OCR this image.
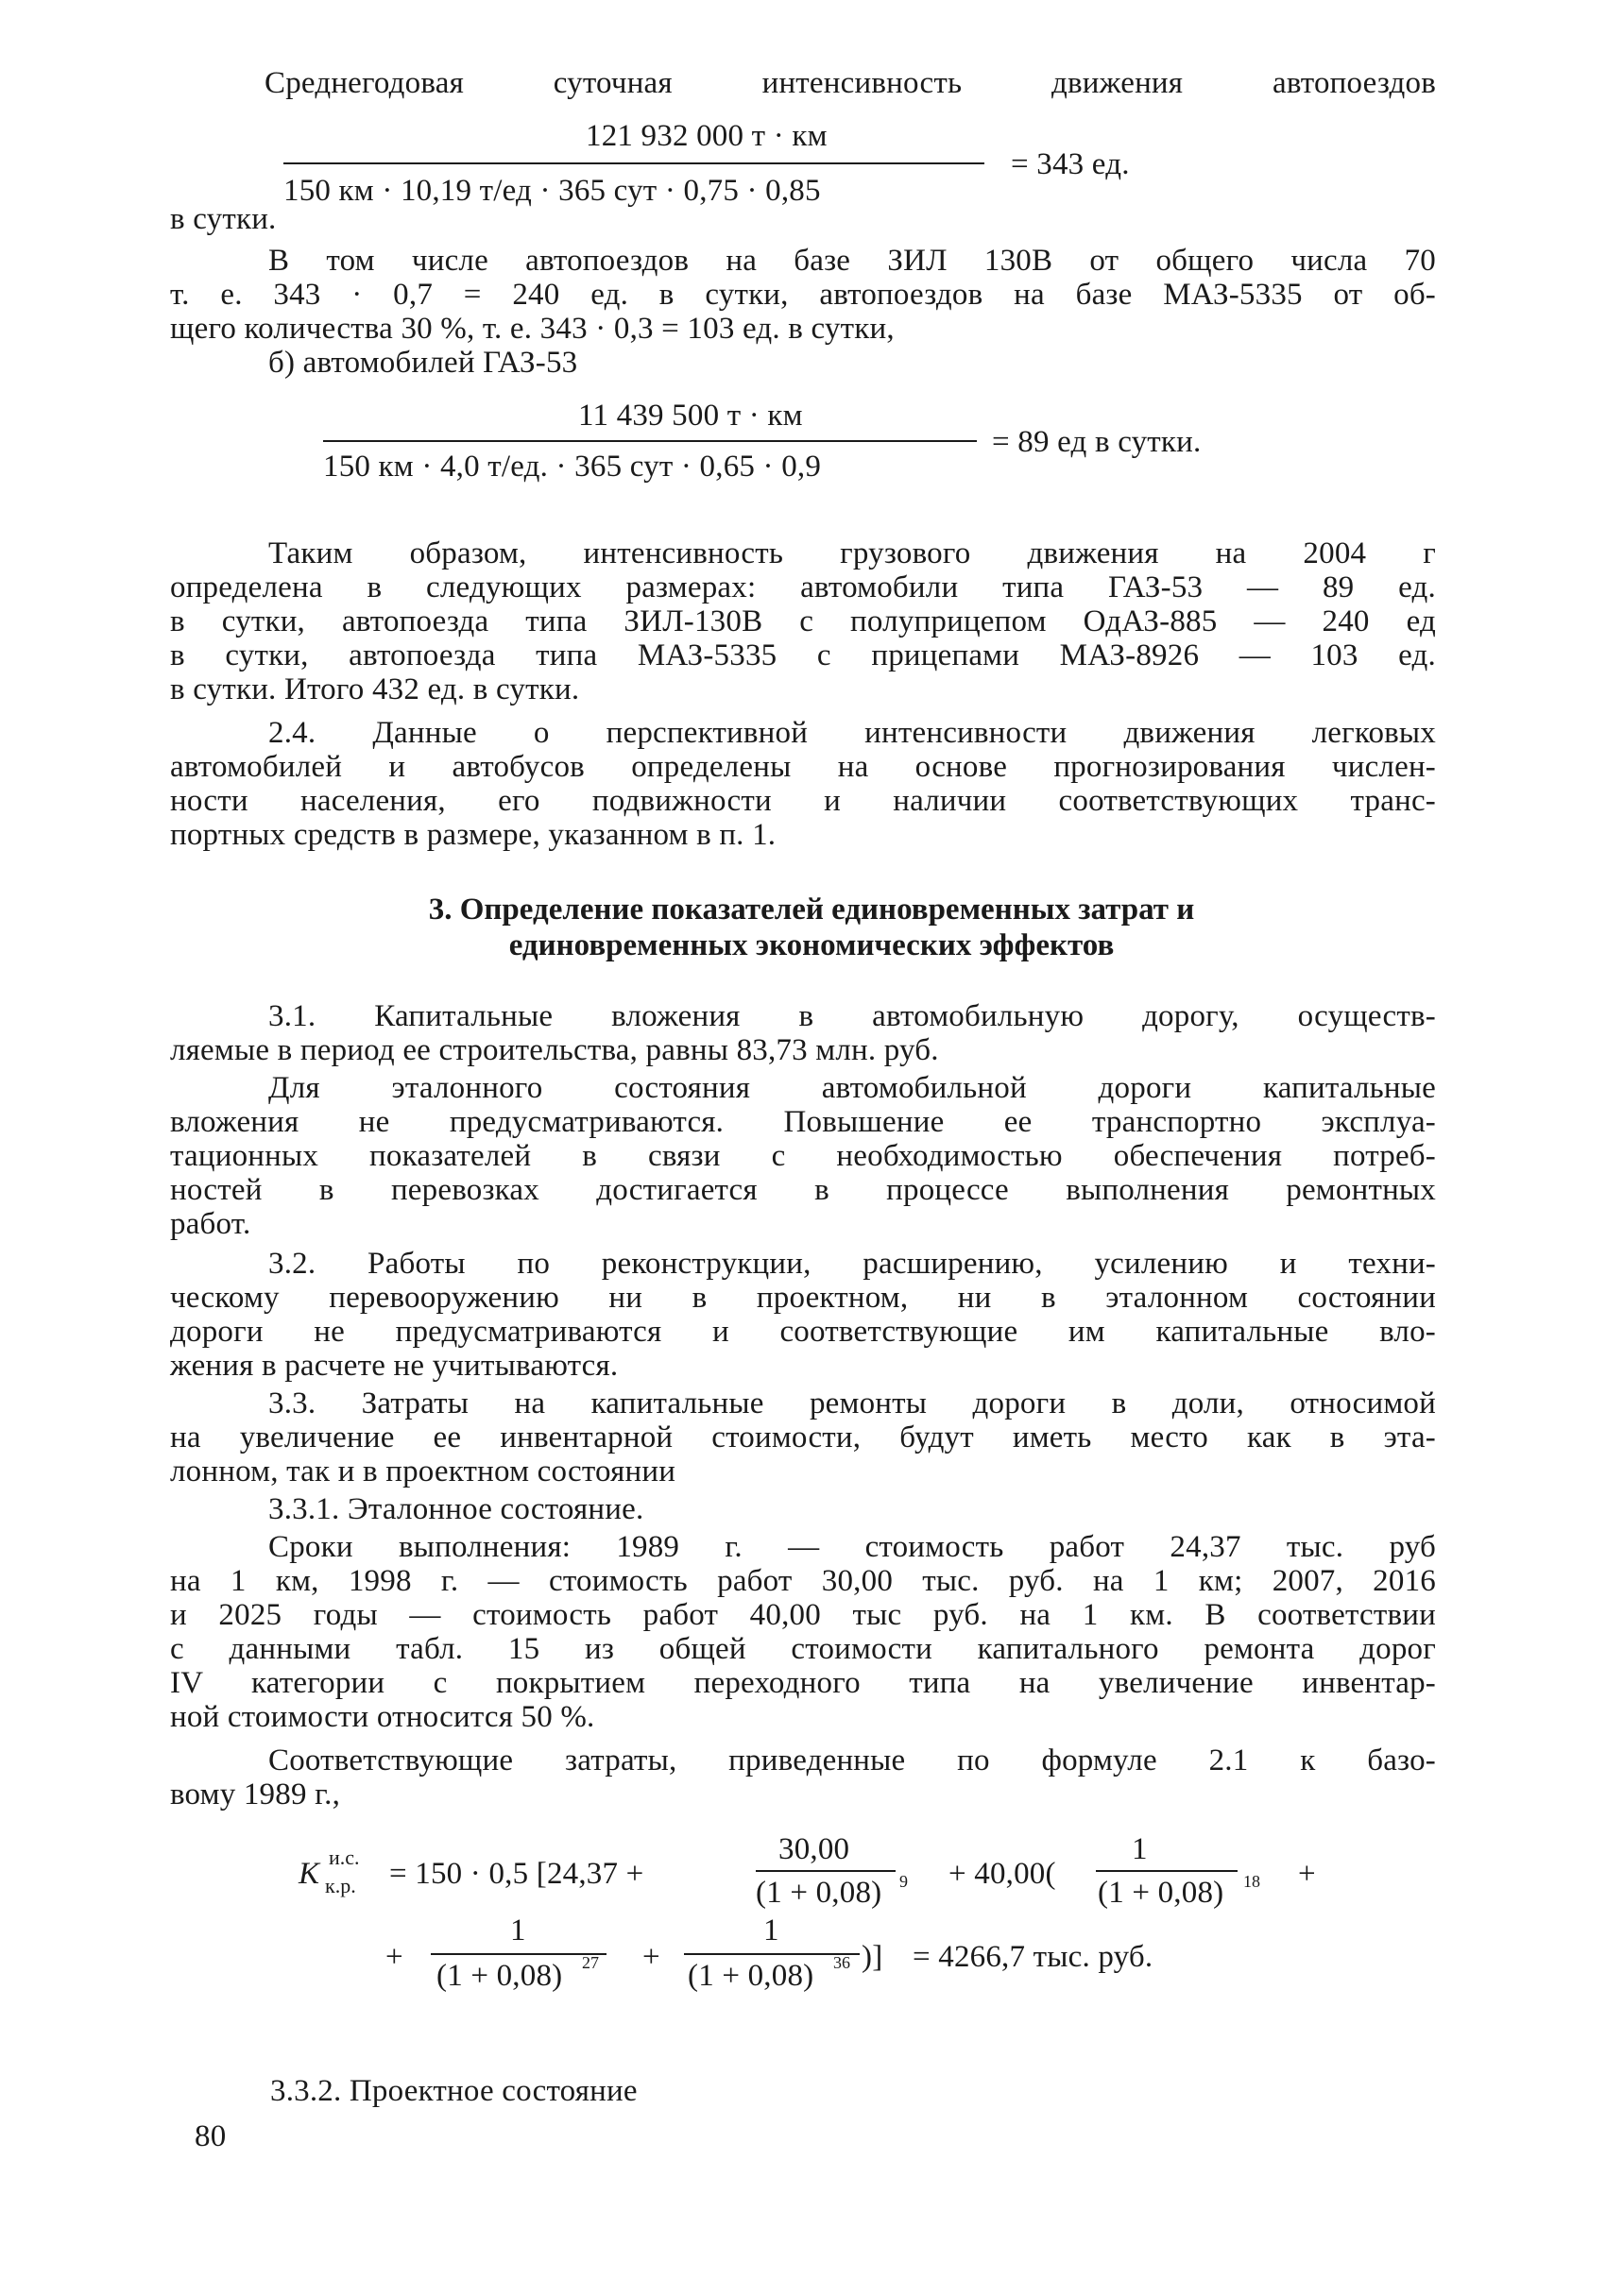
Среднегодовая суточная интенсивность движения автопоездов
121 932 000 т · км
150 км · 10,19 т/ед · 365 сут · 0,75 · 0,85
= 343 ед.
в сутки.
В том числе автопоездов на базе ЗИЛ 130В от общего числа 70
т. е. 343 · 0,7 = 240 ед. в сутки, автопоездов на базе МАЗ-5335 от об-
щего количества 30 %, т. е. 343 · 0,3 = 103 ед. в сутки,
б) автомобилей ГАЗ-53
11 439 500 т · км
150 км · 4,0 т/ед. · 365 сут · 0,65 · 0,9
= 89 ед в сутки.
Таким образом, интенсивность грузового движения на 2004 г
определена в следующих размерах: автомобили типа ГАЗ-53 — 89 ед.
в сутки, автопоезда типа ЗИЛ-130В с полуприцепом ОдАЗ-885 — 240 ед
в сутки, автопоезда типа МАЗ-5335 с прицепами МАЗ-8926 — 103 ед.
в сутки. Итого 432 ед. в сутки.
2.4. Данные о перспективной интенсивности движения легковых
автомобилей и автобусов определены на основе прогнозирования числен-
ности населения, его подвижности и наличии соответствующих транс-
портных средств в размере, указанном в п. 1.
3. Определение показателей единовременных затрат и
единовременных экономических эффектов
3.1. Капитальные вложения в автомобильную дорогу, осуществ-
ляемые в период ее строительства, равны 83,73 млн. руб.
Для эталонного состояния автомобильной дороги капитальные
вложения не предусматриваются. Повышение ее транспортно эксплуа-
тационных показателей в связи с необходимостью обеспечения потреб-
ностей в перевозках достигается в процессе выполнения ремонтных
работ.
3.2. Работы по реконструкции, расширению, усилению и техни-
ческому перевооружению ни в проектном, ни в эталонном состоянии
дороги не предусматриваются и соответствующие им капитальные вло-
жения в расчете не учитываются.
3.3. Затраты на капитальные ремонты дороги в доли, относимой
на увеличение ее инвентарной стоимости, будут иметь место как в эта-
лонном, так и в проектном состоянии
3.3.1. Эталонное состояние.
Сроки выполнения: 1989 г. — стоимость работ 24,37 тыс. руб
на 1 км, 1998 г. — стоимость работ 30,00 тыс. руб. на 1 км; 2007, 2016
и 2025 годы — стоимость работ 40,00 тыс руб. на 1 км. В соответствии
с данными табл. 15 из общей стоимости капитального ремонта дорог
IV категории с покрытием переходного типа на увеличение инвентар-
ной стоимости относится 50 %.
Соответствующие затраты, приведенные по формуле 2.1 к базо-
вому 1989 г.,
К и.с.
к.р. = 150 · 0,5 [24,37 +
30,00
(1 + 0,08) 9 + 40,00(
1
(1 + 0,08) 18 +
+
1
(1 + 0,08) 27 +
1
(1 + 0,08) 36 )] = 4266,7 тыс. руб.
3.3.2. Проектное состояние
80
